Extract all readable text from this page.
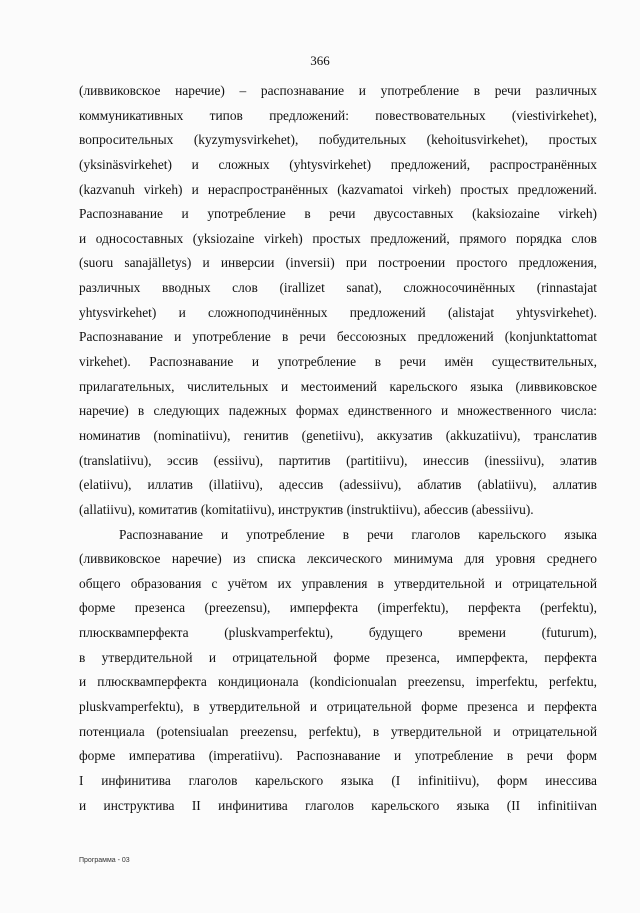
366
(ливвиковское наречие) – распознавание и употребление в речи различных
коммуникативных типов предложений: повествовательных (viestivirkehet),
вопросительных (kyzymysvirkehet), побудительных (kehoitusvirkehet), простых
(yksinäsvirkehet) и сложных (yhtysvirkehet) предложений, распространённых
(kazvanuh virkeh) и нераспространённых (kazvamatoi virkeh) простых предложений.
Распознавание и употребление в речи двусоставных (kaksiozaine virkeh)
и односоставных (yksiozaine virkeh) простых предложений, прямого порядка слов
(suoru sanajälletys) и инверсии (inversii) при построении простого предложения,
различных вводных слов (irallizet sanat), сложносочинённых (rinnastajat
yhtysvirkehet) и сложноподчинённых предложений (alistajat yhtysvirkehet).
Распознавание и употребление в речи бессоюзных предложений (konjunktattomat
virkehet). Распознавание и употребление в речи имён существительных,
прилагательных, числительных и местоимений карельского языка (ливвиковское
наречие) в следующих падежных формах единственного и множественного числа:
номинатив (nominatiivu), генитив (genetiivu), аккузатив (akkuzatiivu), транслатив
(translatiivu), эссив (essiivu), партитив (partitiivu), инессив (inessiivu), элатив
(elatiivu), иллатив (illatiivu), адессив (adessiivu), аблатив (ablatiivu), аллатив
(allatiivu), комитатив (komitatiivu), инструктив (instruktiivu), абессив (abessiivu).
Распознавание и употребление в речи глаголов карельского языка
(ливвиковское наречие) из списка лексического минимума для уровня среднего
общего образования с учётом их управления в утвердительной и отрицательной
форме презенса (preezensu), имперфекта (imperfektu), перфекта (perfektu),
плюсквамперфекта (pluskvamperfektu), будущего времени (futurum),
в утвердительной и отрицательной форме презенса, имперфекта, перфекта
и плюсквамперфекта кондиционала (kondicionualan preezensu, imperfektu, perfektu,
pluskvamperfektu), в утвердительной и отрицательной форме презенса и перфекта
потенциала (potensiualan preezensu, perfektu), в утвердительной и отрицательной
форме императива (imperatiivu). Распознавание и употребление в речи форм
I инфинитива глаголов карельского языка (I infinitiivu), форм инессива
и инструктива II инфинитива глаголов карельского языка (II infinitiivan
Программа - 03
